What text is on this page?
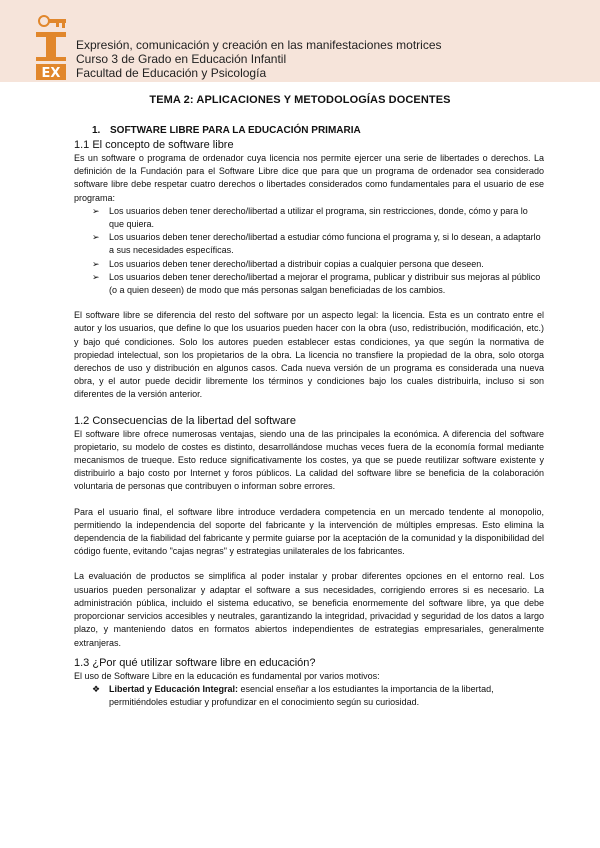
EX
Expresión, comunicación y creación en las manifestaciones motrices
Curso 3 de Grado en Educación Infantil
Facultad de Educación y Psicología
TEMA 2: APLICACIONES Y METODOLOGÍAS DOCENTES
1. SOFTWARE LIBRE PARA LA EDUCACIÓN PRIMARIA
1.1 El concepto de software libre

Es un software o programa de ordenador cuya licencia nos permite ejercer una serie de libertades o derechos. La definición de la Fundación para el Software Libre dice que para que un programa de ordenador sea considerado software libre debe respetar cuatro derechos o libertades considerados como fundamentales para el usuario de ese programa:

➢ Los usuarios deben tener derecho/libertad a utilizar el programa, sin restricciones, donde, cómo y para lo que quiera.
➢ Los usuarios deben tener derecho/libertad a estudiar cómo funciona el programa y, si lo desean, a adaptarlo a sus necesidades específicas.
➢ Los usuarios deben tener derecho/libertad a distribuir copias a cualquier persona que deseen.
➢ Los usuarios deben tener derecho/libertad a mejorar el programa, publicar y distribuir sus mejoras al público (o a quien deseen) de modo que más personas salgan beneficiadas de los cambios.

El software libre se diferencia del resto del software por un aspecto legal: la licencia. Esta es un contrato entre el autor y los usuarios, que define lo que los usuarios pueden hacer con la obra (uso, redistribución, modificación, etc.) y bajo qué condiciones. Solo los autores pueden establecer estas condiciones, ya que según la normativa de propiedad intelectual, son los propietarios de la obra. La licencia no transfiere la propiedad de la obra, solo otorga derechos de uso y distribución en algunos casos. Cada nueva versión de un programa es considerada una nueva obra, y el autor puede decidir libremente los términos y condiciones bajo los cuales distribuirla, incluso si son diferentes de la versión anterior.

1.2 Consecuencias de la libertad del software

El software libre ofrece numerosas ventajas, siendo una de las principales la económica. A diferencia del software propietario, su modelo de costes es distinto, desarrollándose muchas veces fuera de la economía formal mediante mecanismos de trueque. Esto reduce significativamente los costes, ya que se puede reutilizar software existente y distribuirlo a bajo costo por Internet y foros públicos. La calidad del software libre se beneficia de la colaboración voluntaria de personas que contribuyen o informan sobre errores.

Para el usuario final, el software libre introduce verdadera competencia en un mercado tendente al monopolio, permitiendo la independencia del soporte del fabricante y la intervención de múltiples empresas. Esto elimina la dependencia de la fiabilidad del fabricante y permite guiarse por la aceptación de la comunidad y la disponibilidad del código fuente, evitando "cajas negras" y estrategias unilaterales de los fabricantes.

La evaluación de productos se simplifica al poder instalar y probar diferentes opciones en el entorno real. Los usuarios pueden personalizar y adaptar el software a sus necesidades, corrigiendo errores si es necesario. La administración pública, incluido el sistema educativo, se beneficia enormemente del software libre, ya que debe proporcionar servicios accesibles y neutrales, garantizando la integridad, privacidad y seguridad de los datos a largo plazo, y manteniendo datos en formatos abiertos independientes de estrategias empresariales, generalmente extranjeras.

1.3 ¿Por qué utilizar software libre en educación?

El uso de Software Libre en la educación es fundamental por varios motivos:

❖ Libertad y Educación Integral: esencial enseñar a los estudiantes la importancia de la libertad, permitiéndoles estudiar y profundizar en el conocimiento según su curiosidad.
